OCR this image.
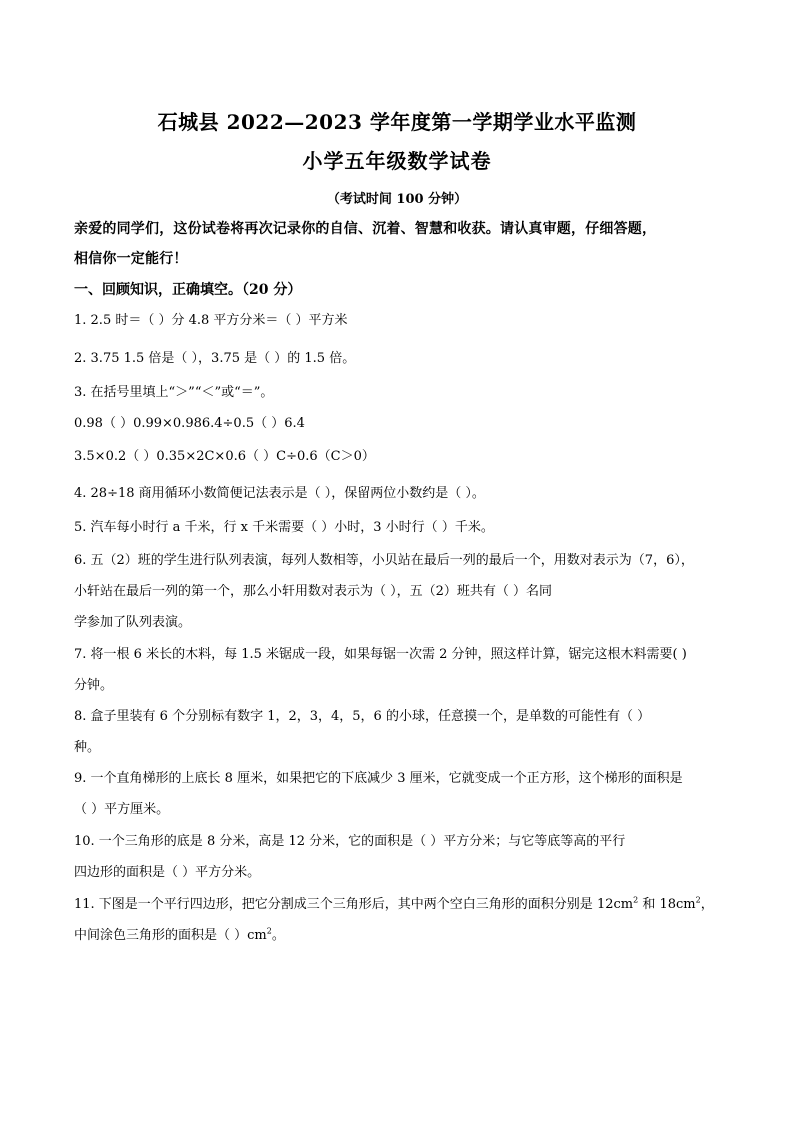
石城县 2022—2023 学年度第一学期学业水平监测
小学五年级数学试卷
（考试时间 100 分钟）
亲爱的同学们，这份试卷将再次记录你的自信、沉着、智慧和收获。请认真审题，仔细答题，
相信你一定能行！
一、回顾知识，正确填空。（20 分）
1. 2.5 时＝（ ）分 4.8 平方分米＝（ ）平方米
2. 3.75 1.5 倍是（ ），3.75 是（ ）的 1.5 倍。
3. 在括号里填上“＞”“＜”或“＝”。
0.98（ ）0.99×0.986.4÷0.5（ ）6.4
3.5×0.2（ ）0.35×2C×0.6（ ）C÷0.6（C＞0）
4. 28÷18 商用循环小数简便记法表示是（ ），保留两位小数约是（ ）。
5. 汽车每小时行 a 千米，行 x 千米需要（ ）小时，3 小时行（ ）千米。
6. 五（2）班的学生进行队列表演，每列人数相等，小贝站在最后一列的最后一个，用数对表示为（7，6），
小轩站在最后一列的第一个，那么小轩用数对表示为（ ），五（2）班共有（ ）名同
学参加了队列表演。
7. 将一根 6 米长的木料，每 1.5 米锯成一段，如果每锯一次需 2 分钟，照这样计算，锯完这根木料需要( )
分钟。
8. 盒子里装有 6 个分别标有数字 1，2，3，4，5，6 的小球，任意摸一个，是单数的可能性有（ ）
种。
9. 一个直角梯形的上底长 8 厘米，如果把它的下底减少 3 厘米，它就变成一个正方形，这个梯形的面积是
（ ）平方厘米。
10. 一个三角形的底是 8 分米，高是 12 分米，它的面积是（ ）平方分米；与它等底等高的平行
四边形的面积是（ ）平方分米。
11. 下图是一个平行四边形，把它分割成三个三角形后，其中两个空白三角形的面积分别是 $12cm^2$ 和 $18cm^2$，
中间涂色三角形的面积是（ ）$cm^2$。
